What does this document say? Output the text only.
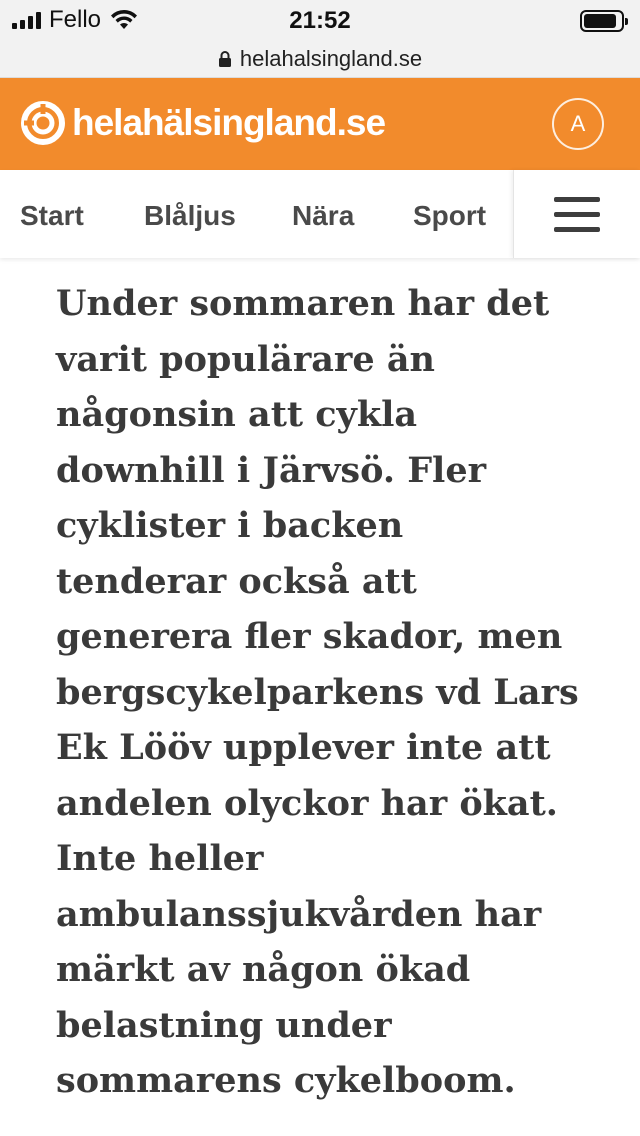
Fello	21:52
helahalsingland.se
helahälsingland.se	A
Start Blåljus Nära Sport

Under sommaren har det varit populärare än någonsin att cykla downhill i Järvsö. Fler cyklister i backen tenderar också att generera fler skador, men bergscykelparkens vd Lars Ek Lööv upplever inte att andelen olyckor har ökat. Inte heller ambulanssjukvården har märkt av någon ökad belastning under sommarens cykelboom.
